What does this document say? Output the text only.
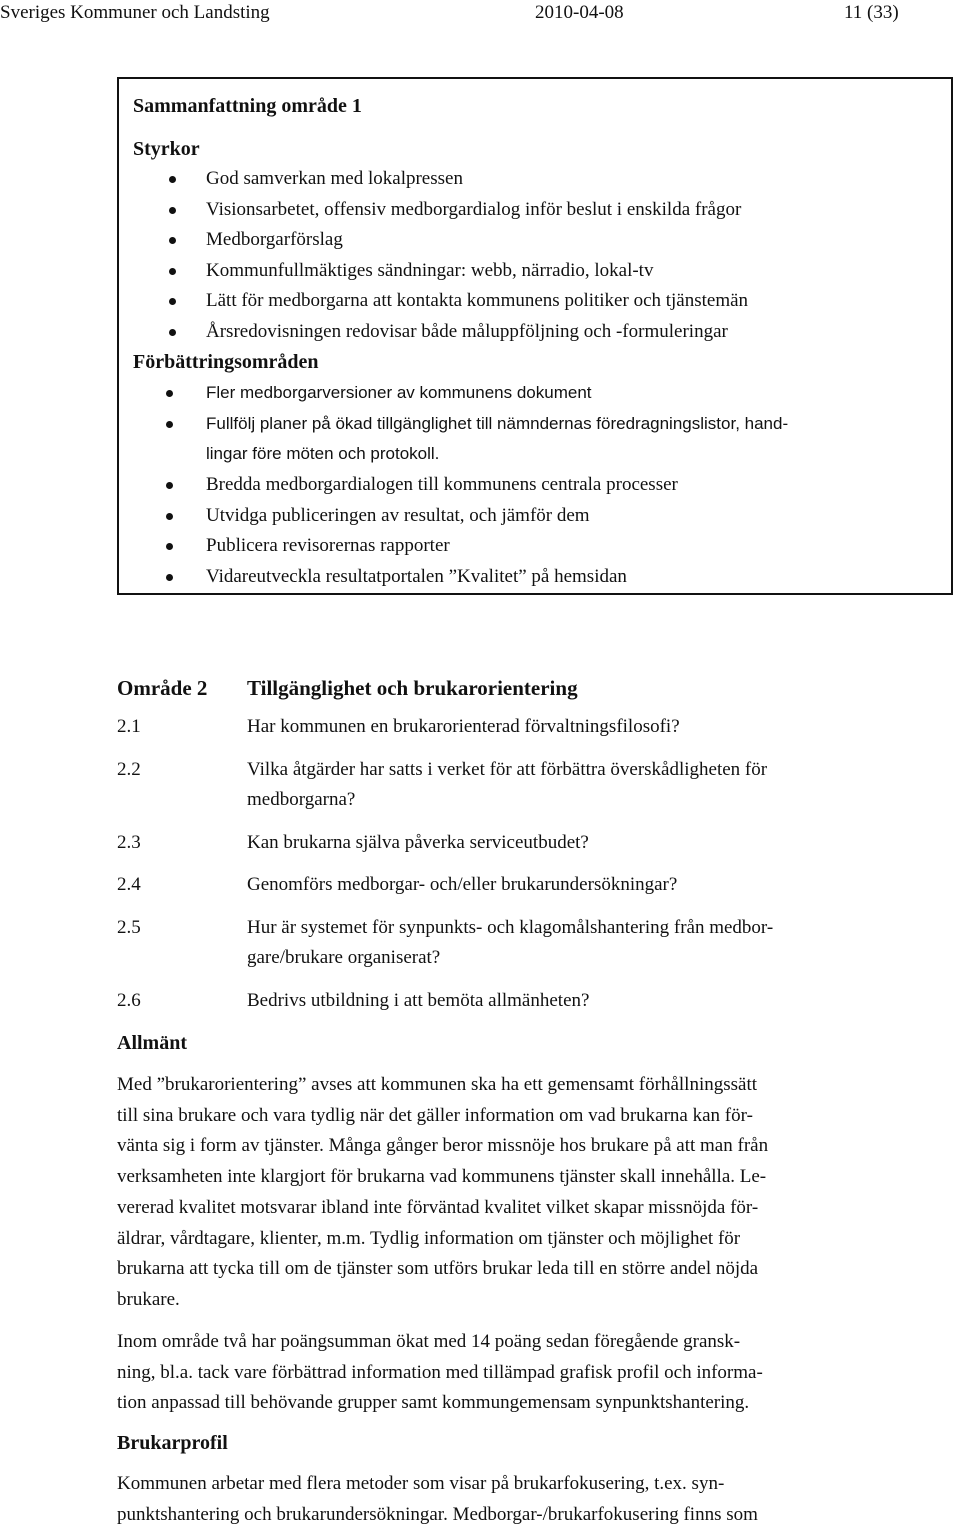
Sveriges Kommuner och Landsting	2010-04-08	11 (33)
Sammanfattning område 1
Styrkor
God samverkan med lokalpressen
Visionsarbetet, offensiv medborgardialog inför beslut i enskilda frågor
Medborgarförslag
Kommunfullmäktiges sändningar: webb, närradio, lokal-tv
Lätt för medborgarna att kontakta kommunens politiker och tjänstemän
Årsredovisningen redovisar både måluppföljning och -formuleringar
Förbättringsområden
Fler medborgarversioner av kommunens dokument
Fullfölj planer på ökad tillgänglighet till nämndernas föredragningslistor, hand-
lingar före möten och protokoll.
Bredda medborgardialogen till kommunens centrala processer
Utvidga publiceringen av resultat, och jämför dem
Publicera revisorernas rapporter
Vidareutveckla resultatportalen ”Kvalitet” på hemsidan
Område 2 Tillgänglighet och brukarorientering
2.1	Har kommunen en brukarorienterad förvaltningsfilosofi?
2.2	Vilka åtgärder har satts i verket för att förbättra överskådligheten för
medborgarna?
2.3	Kan brukarna själva påverka serviceutbudet?
2.4	Genomförs medborgar- och/eller brukarundersökningar?
2.5	Hur är systemet för synpunkts- och klagomålshantering från medbor-
gare/brukare organiserat?
2.6	Bedrivs utbildning i att bemöta allmänheten?
Allmänt
Med ”brukarorientering” avses att kommunen ska ha ett gemensamt förhållningssätt
till sina brukare och vara tydlig när det gäller information om vad brukarna kan för-
vänta sig i form av tjänster. Många gånger beror missnöje hos brukare på att man från
verksamheten inte klargjort för brukarna vad kommunens tjänster skall innehålla. Le-
vererad kvalitet motsvarar ibland inte förväntad kvalitet vilket skapar missnöjda för-
äldrar, vårdtagare, klienter, m.m. Tydlig information om tjänster och möjlighet för
brukarna att tycka till om de tjänster som utförs brukar leda till en större andel nöjda
brukare.
Inom område två har poängsumman ökat med 14 poäng sedan föregående gransk-
ning, bl.a. tack vare förbättrad information med tillämpad grafisk profil och informa-
tion anpassad till behövande grupper samt kommungemensam synpunktshantering.
Brukarprofil
Kommunen arbetar med flera metoder som visar på brukarfokusering, t.ex. syn-
punktshantering och brukarundersökningar. Medborgar-/brukarfokusering finns som
